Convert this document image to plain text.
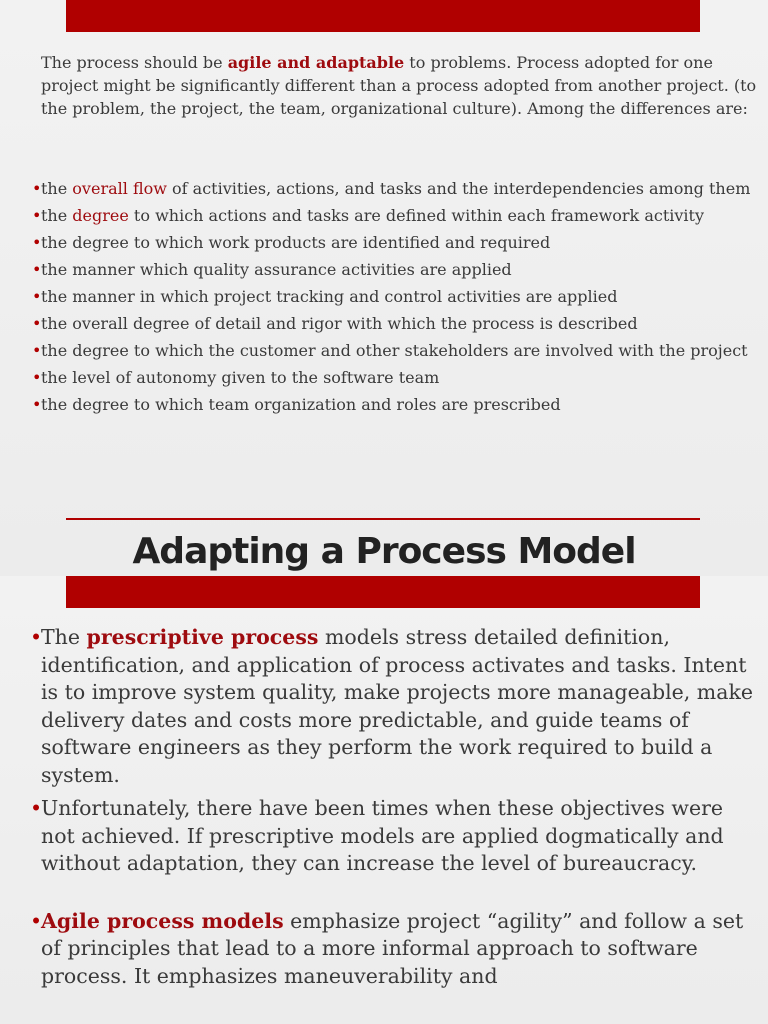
The process should be agile and adaptable to problems. Process adopted for one project might be significantly different than a process adopted from another project. (to the problem, the project, the team, organizational culture). Among the differences are:
• the overall flow of activities, actions, and tasks and the interdependencies among them
• the degree to which actions and tasks are defined within each framework activity
• the degree to which work products are identified and required
• the manner which quality assurance activities are applied
• the manner in which project tracking and control activities are applied
• the overall degree of detail and rigor with which the process is described
• the degree to which the customer and other stakeholders are involved with the project
• the level of autonomy given to the software team
• the degree to which team organization and roles are prescribed
Adapting a Process Model
• The prescriptive process models stress detailed definition, identification, and application of process activates and tasks. Intent is to improve system quality, make projects more manageable, make delivery dates and costs more predictable, and guide teams of software engineers as they perform the work required to build a system.
• Unfortunately, there have been times when these objectives were not achieved. If prescriptive models are applied dogmatically and without adaptation, they can increase the level of bureaucracy.
• Agile process models emphasize project “agility” and follow a set of principles that lead to a more informal approach to software process. It emphasizes maneuverability and
